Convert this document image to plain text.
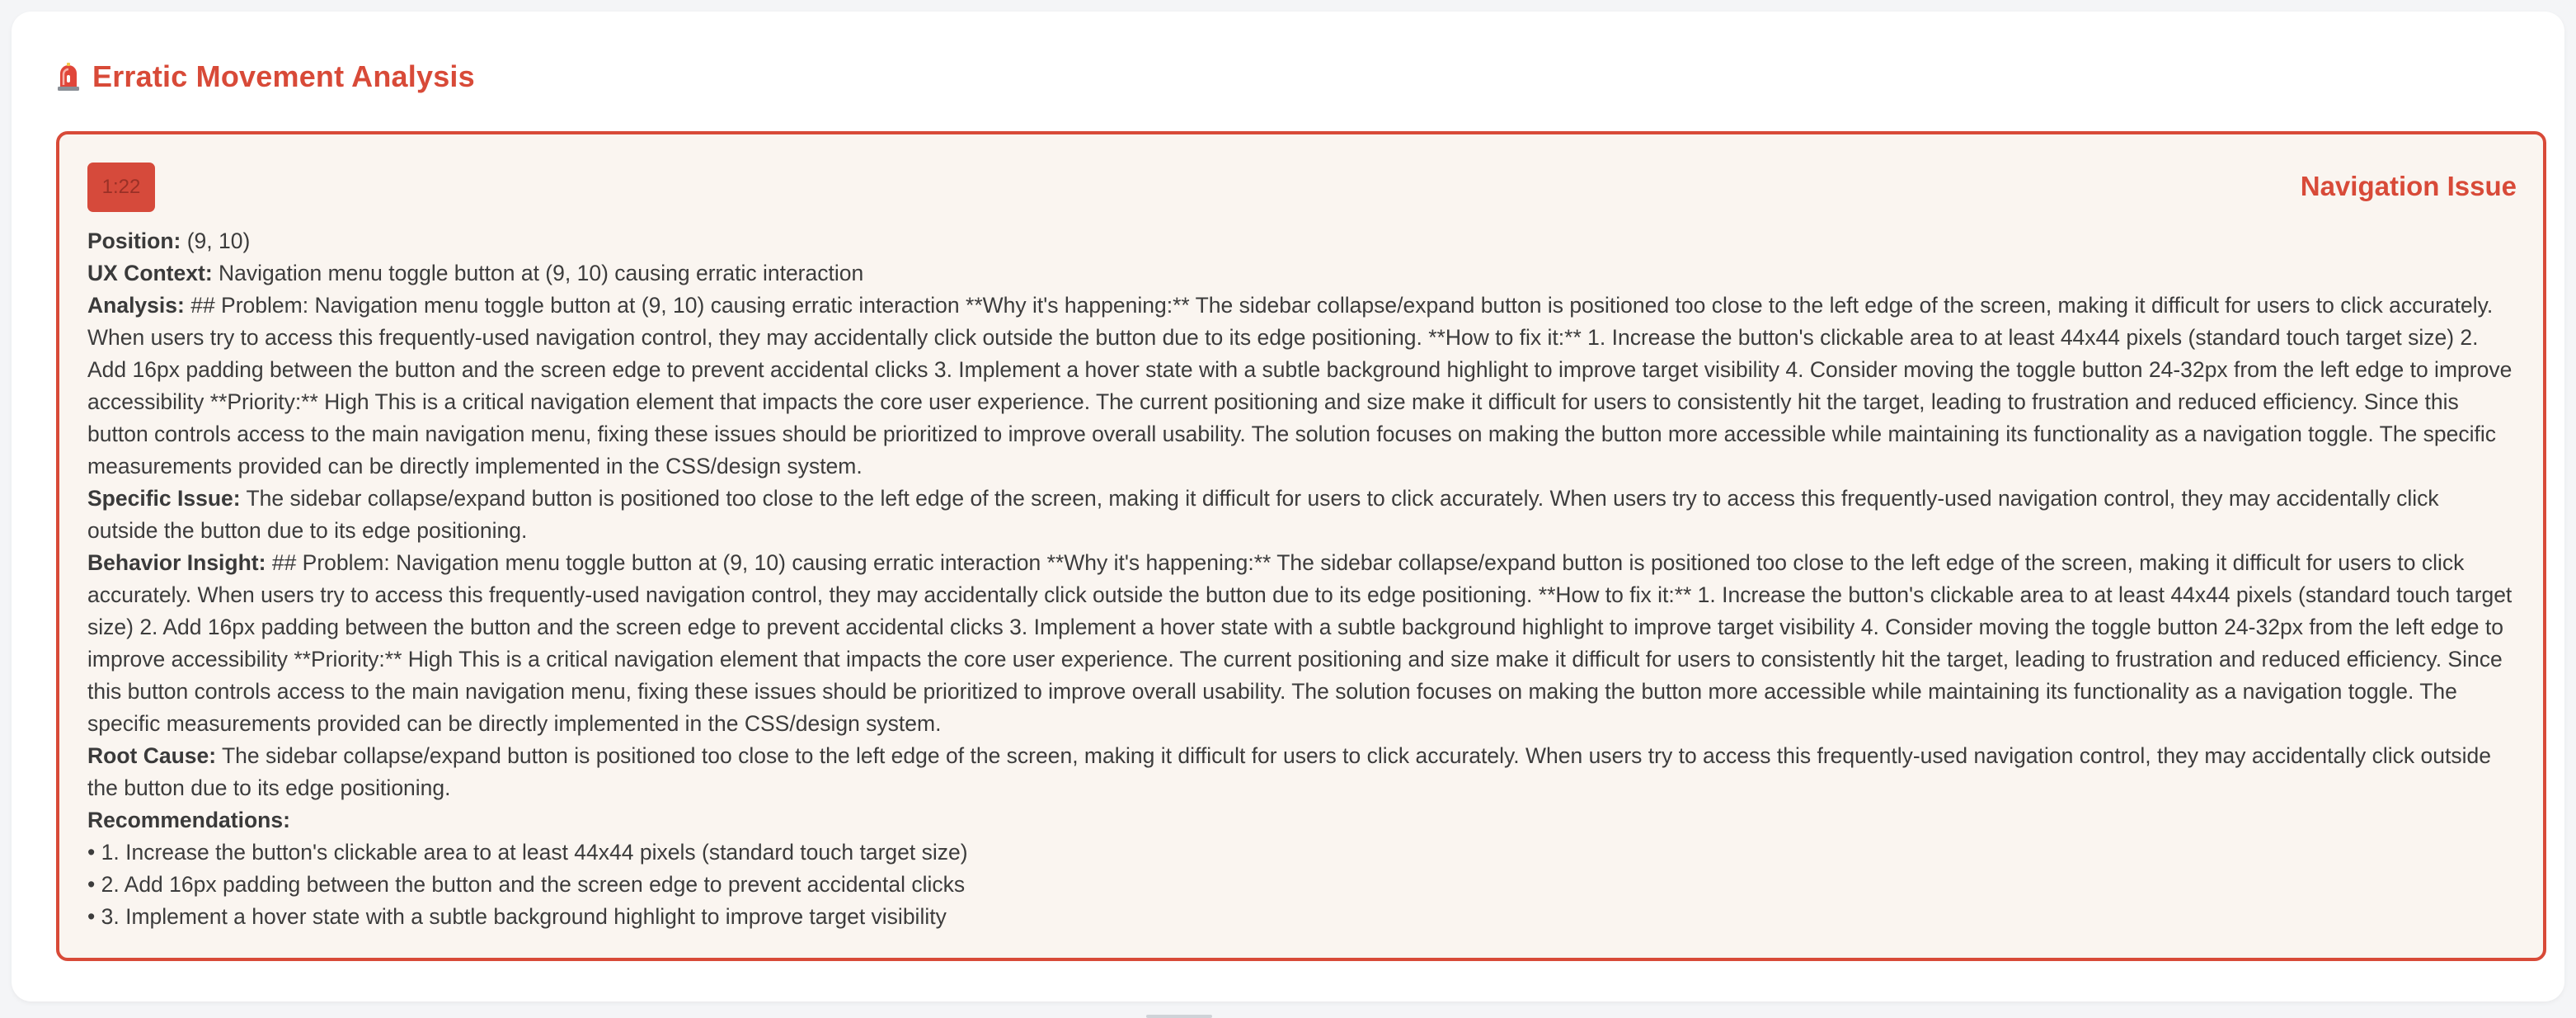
Erratic Movement Analysis
1:22	Navigation Issue

Position: (9, 10)

UX Context: Navigation menu toggle button at (9, 10) causing erratic interaction

Analysis: ## Problem: Navigation menu toggle button at (9, 10) causing erratic interaction **Why it's happening:** The sidebar collapse/expand button is positioned too close to the left edge of the screen, making it difficult for users to click accurately. When users try to access this frequently-used navigation control, they may accidentally click outside the button due to its edge positioning. **How to fix it:** 1. Increase the button's clickable area to at least 44x44 pixels (standard touch target size) 2. Add 16px padding between the button and the screen edge to prevent accidental clicks 3. Implement a hover state with a subtle background highlight to improve target visibility 4. Consider moving the toggle button 24-32px from the left edge to improve accessibility **Priority:** High This is a critical navigation element that impacts the core user experience. The current positioning and size make it difficult for users to consistently hit the target, leading to frustration and reduced efficiency. Since this button controls access to the main navigation menu, fixing these issues should be prioritized to improve overall usability. The solution focuses on making the button more accessible while maintaining its functionality as a navigation toggle. The specific measurements provided can be directly implemented in the CSS/design system.

Specific Issue: The sidebar collapse/expand button is positioned too close to the left edge of the screen, making it difficult for users to click accurately. When users try to access this frequently-used navigation control, they may accidentally click outside the button due to its edge positioning.

Behavior Insight: ## Problem: Navigation menu toggle button at (9, 10) causing erratic interaction **Why it's happening:** The sidebar collapse/expand button is positioned too close to the left edge of the screen, making it difficult for users to click accurately. When users try to access this frequently-used navigation control, they may accidentally click outside the button due to its edge positioning. **How to fix it:** 1. Increase the button's clickable area to at least 44x44 pixels (standard touch target size) 2. Add 16px padding between the button and the screen edge to prevent accidental clicks 3. Implement a hover state with a subtle background highlight to improve target visibility 4. Consider moving the toggle button 24-32px from the left edge to improve accessibility **Priority:** High This is a critical navigation element that impacts the core user experience. The current positioning and size make it difficult for users to consistently hit the target, leading to frustration and reduced efficiency. Since this button controls access to the main navigation menu, fixing these issues should be prioritized to improve overall usability. The solution focuses on making the button more accessible while maintaining its functionality as a navigation toggle. The specific measurements provided can be directly implemented in the CSS/design system.

Root Cause: The sidebar collapse/expand button is positioned too close to the left edge of the screen, making it difficult for users to click accurately. When users try to access this frequently-used navigation control, they may accidentally click outside the button due to its edge positioning.

Recommendations:

• 1. Increase the button's clickable area to at least 44x44 pixels (standard touch target size)

• 2. Add 16px padding between the button and the screen edge to prevent accidental clicks

• 3. Implement a hover state with a subtle background highlight to improve target visibility
